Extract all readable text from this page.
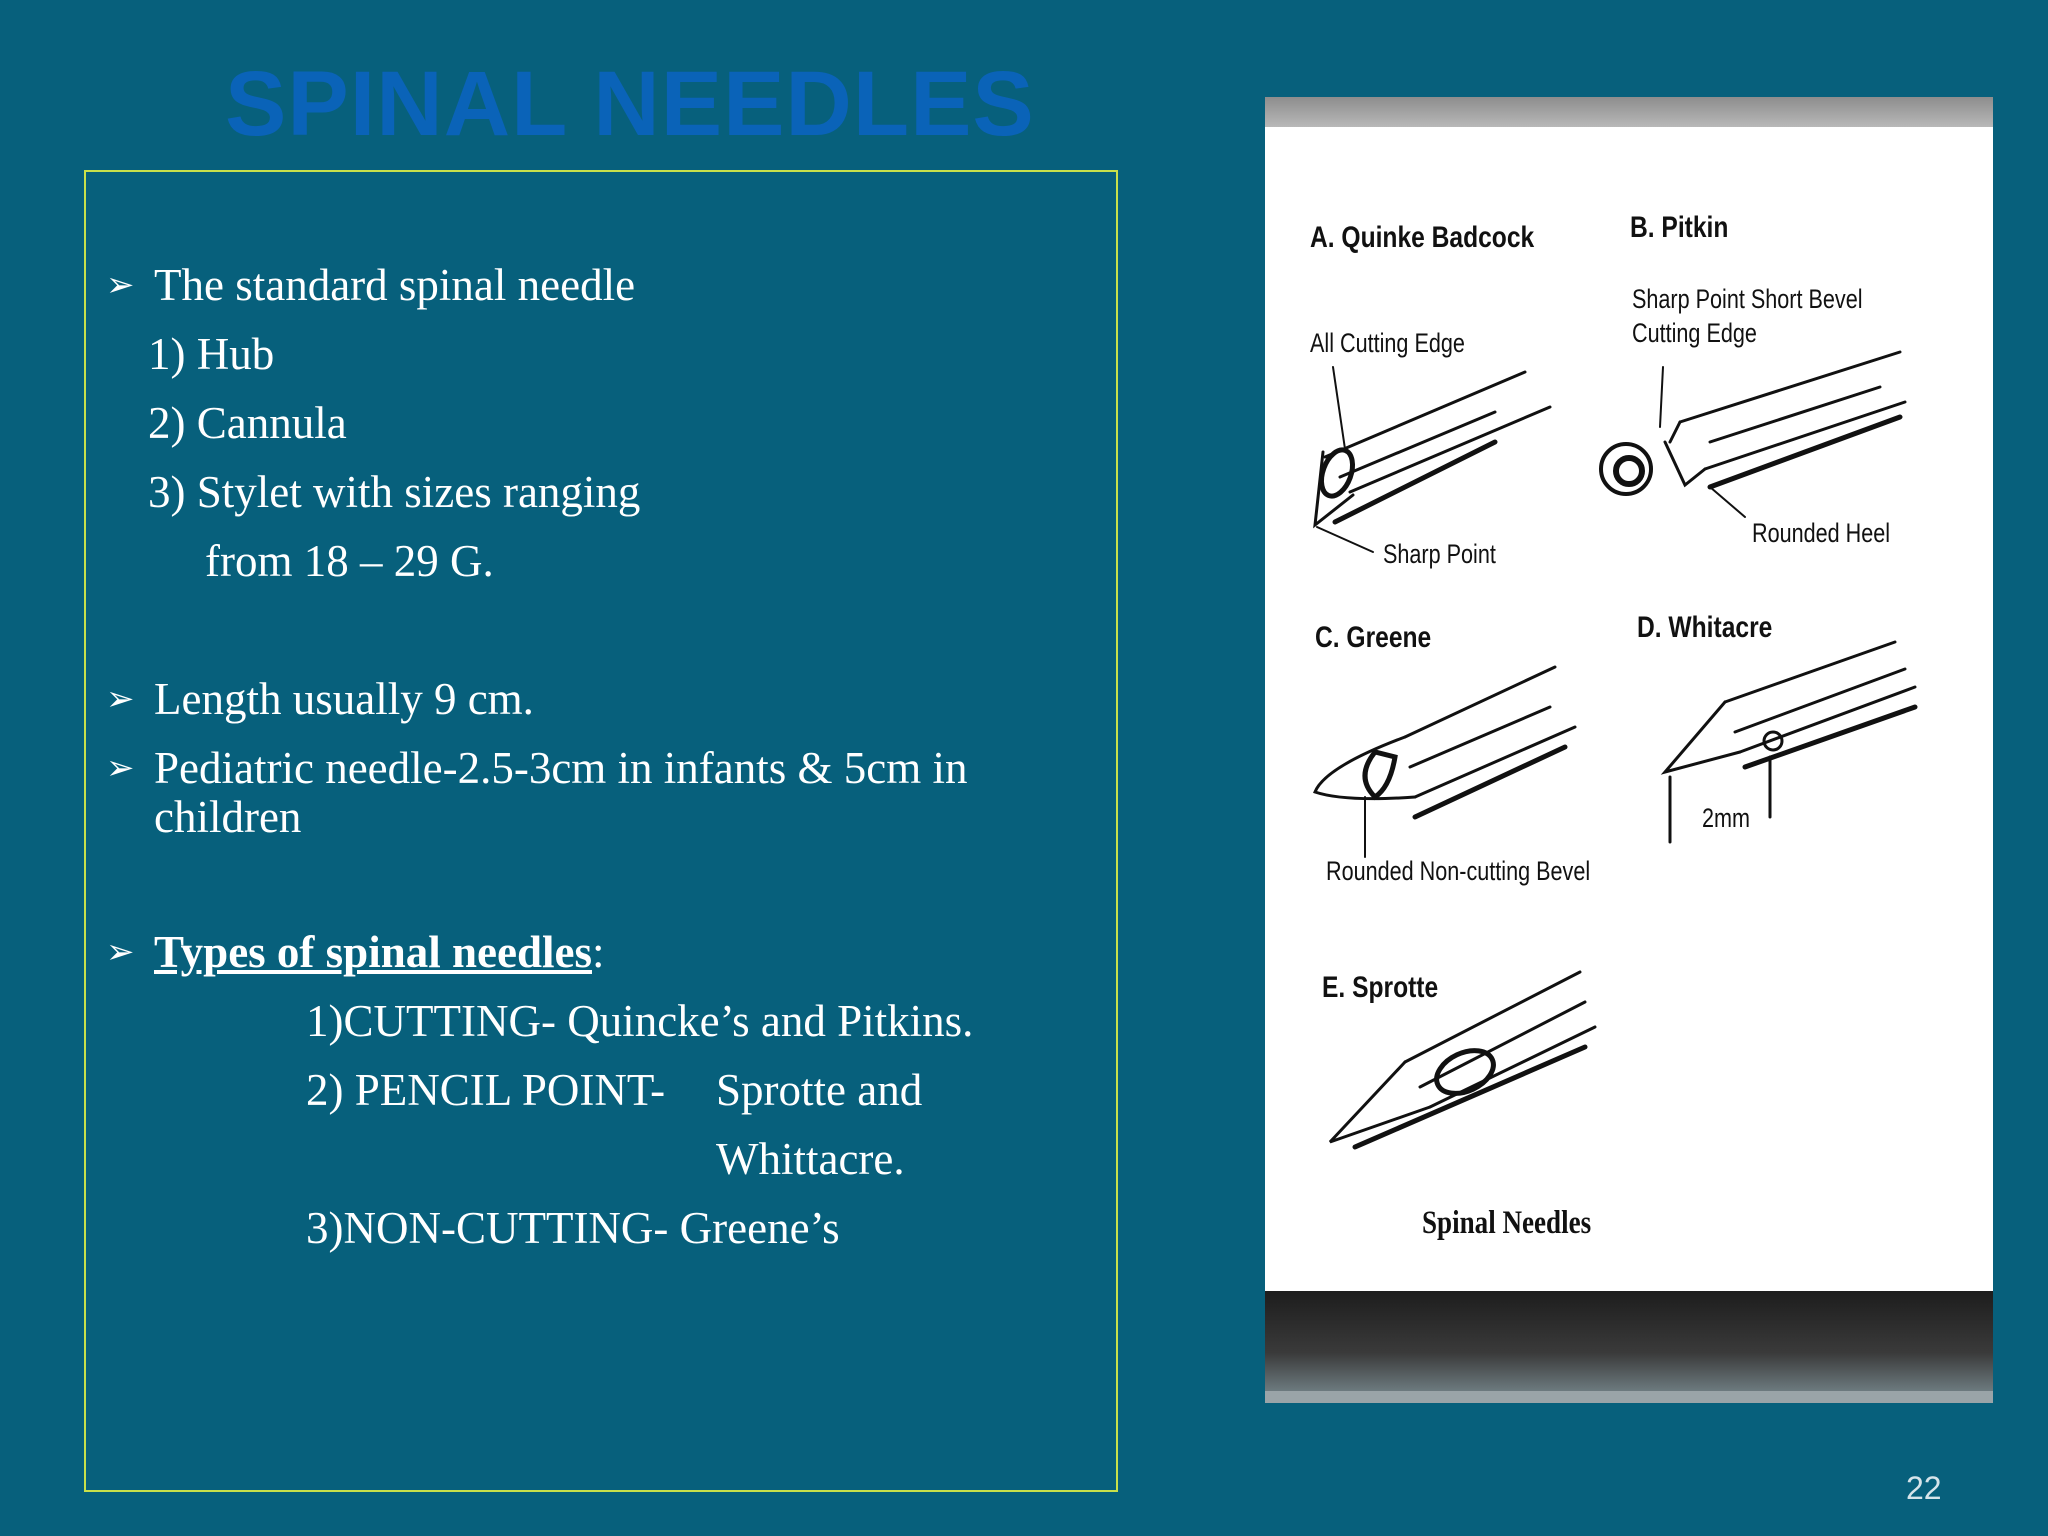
SPINAL NEEDLES
➢ The standard spinal needle
1) Hub
2) Cannula
3) Stylet with sizes ranging
from 18 – 29 G.
➢ Length usually 9 cm.
➢ Pediatric needle-2.5-3cm in infants & 5cm in
children
➢ Types of spinal needles:
1)CUTTING- Quincke’s and Pitkins.
2) PENCIL POINT- Sprotte and
Whittacre.
3)NON-CUTTING- Greene’s
A. Quinke Badcock	B. Pitkin
C. Greene	D. Whitacre
E. Sprotte
All Cutting Edge
Sharp Point
Sharp Point Short Bevel
Cutting Edge
Rounded Heel
Rounded Non-cutting Bevel
2mm
Spinal Needles
22
